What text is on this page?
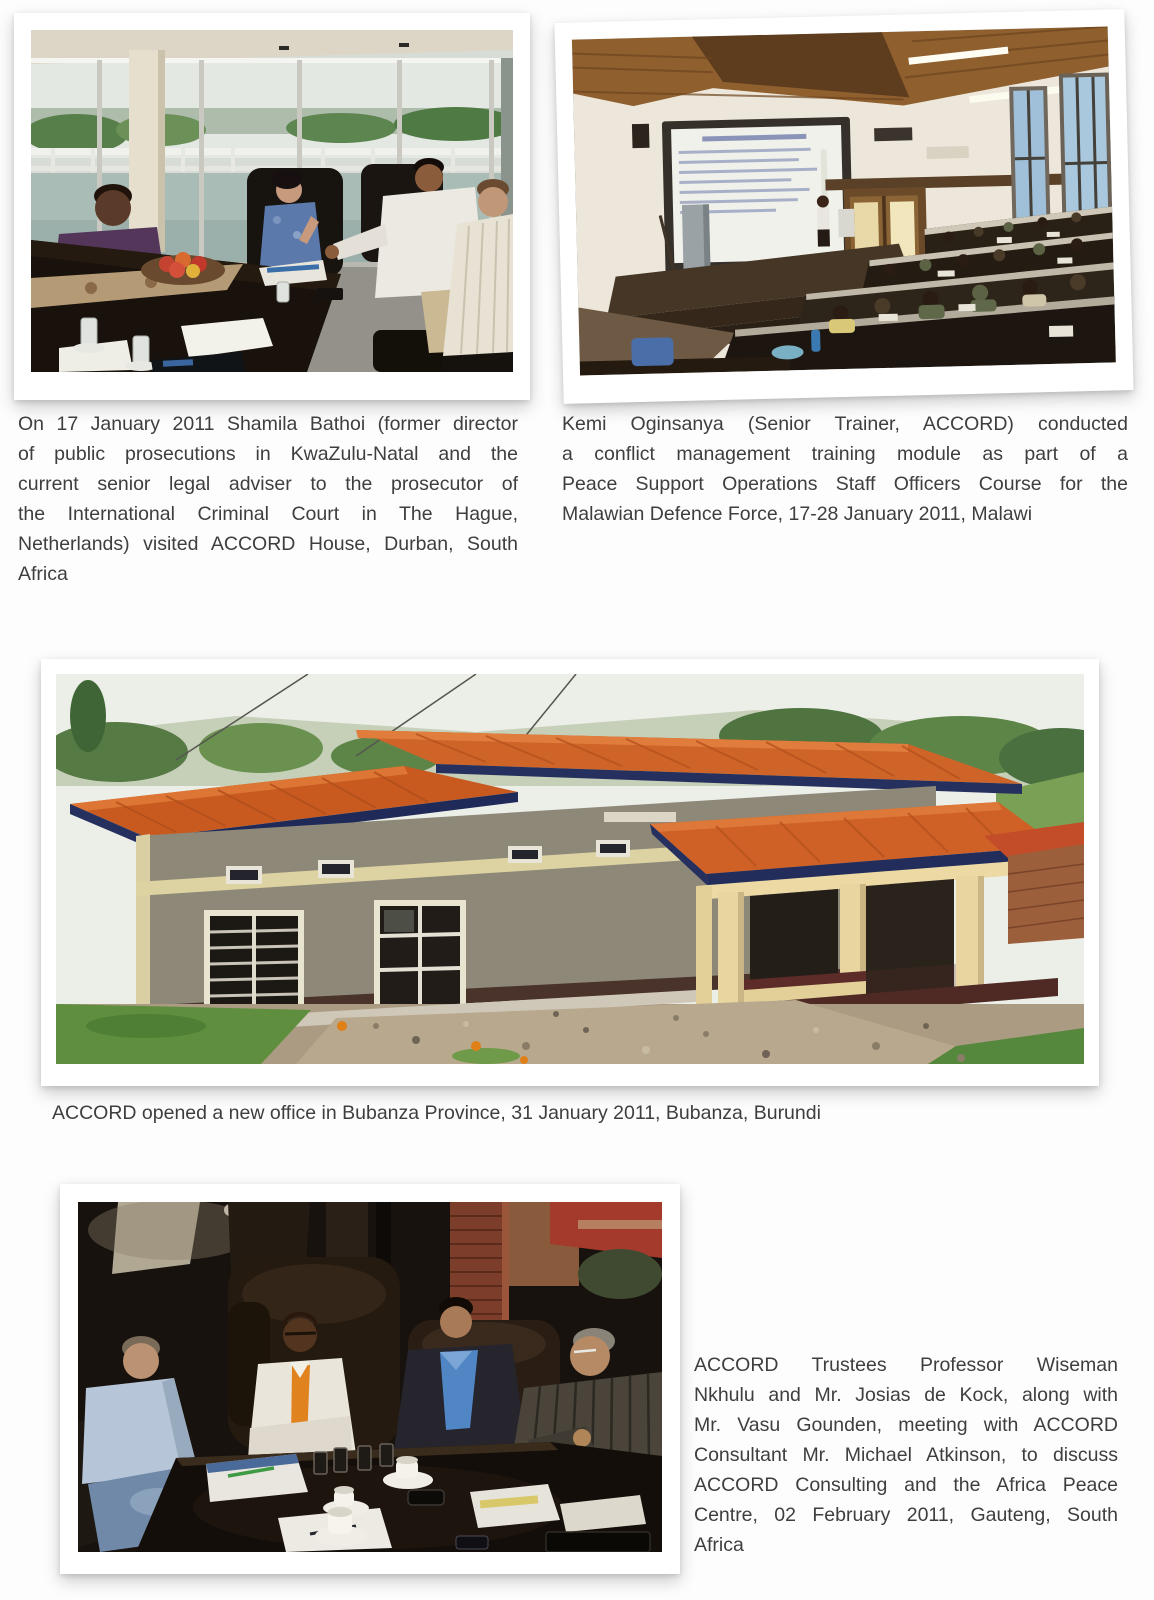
On 17 January 2011 Shamila Bathoi (former director
of public prosecutions in KwaZulu-Natal and the
current senior legal adviser to the prosecutor of
the International Criminal Court in The Hague,
Netherlands) visited ACCORD House, Durban, South
Africa
Kemi Oginsanya (Senior Trainer, ACCORD) conducted
a conflict management training module as part of a
Peace Support Operations Staff Officers Course for the
Malawian Defence Force, 17-28 January 2011, Malawi
ACCORD opened a new office in Bubanza Province, 31 January 2011, Bubanza, Burundi
ACCORD Trustees Professor Wiseman
Nkhulu and Mr. Josias de Kock, along with
Mr. Vasu Gounden, meeting with ACCORD
Consultant Mr. Michael Atkinson, to discuss
ACCORD Consulting and the Africa Peace
Centre, 02 February 2011, Gauteng, South
Africa
